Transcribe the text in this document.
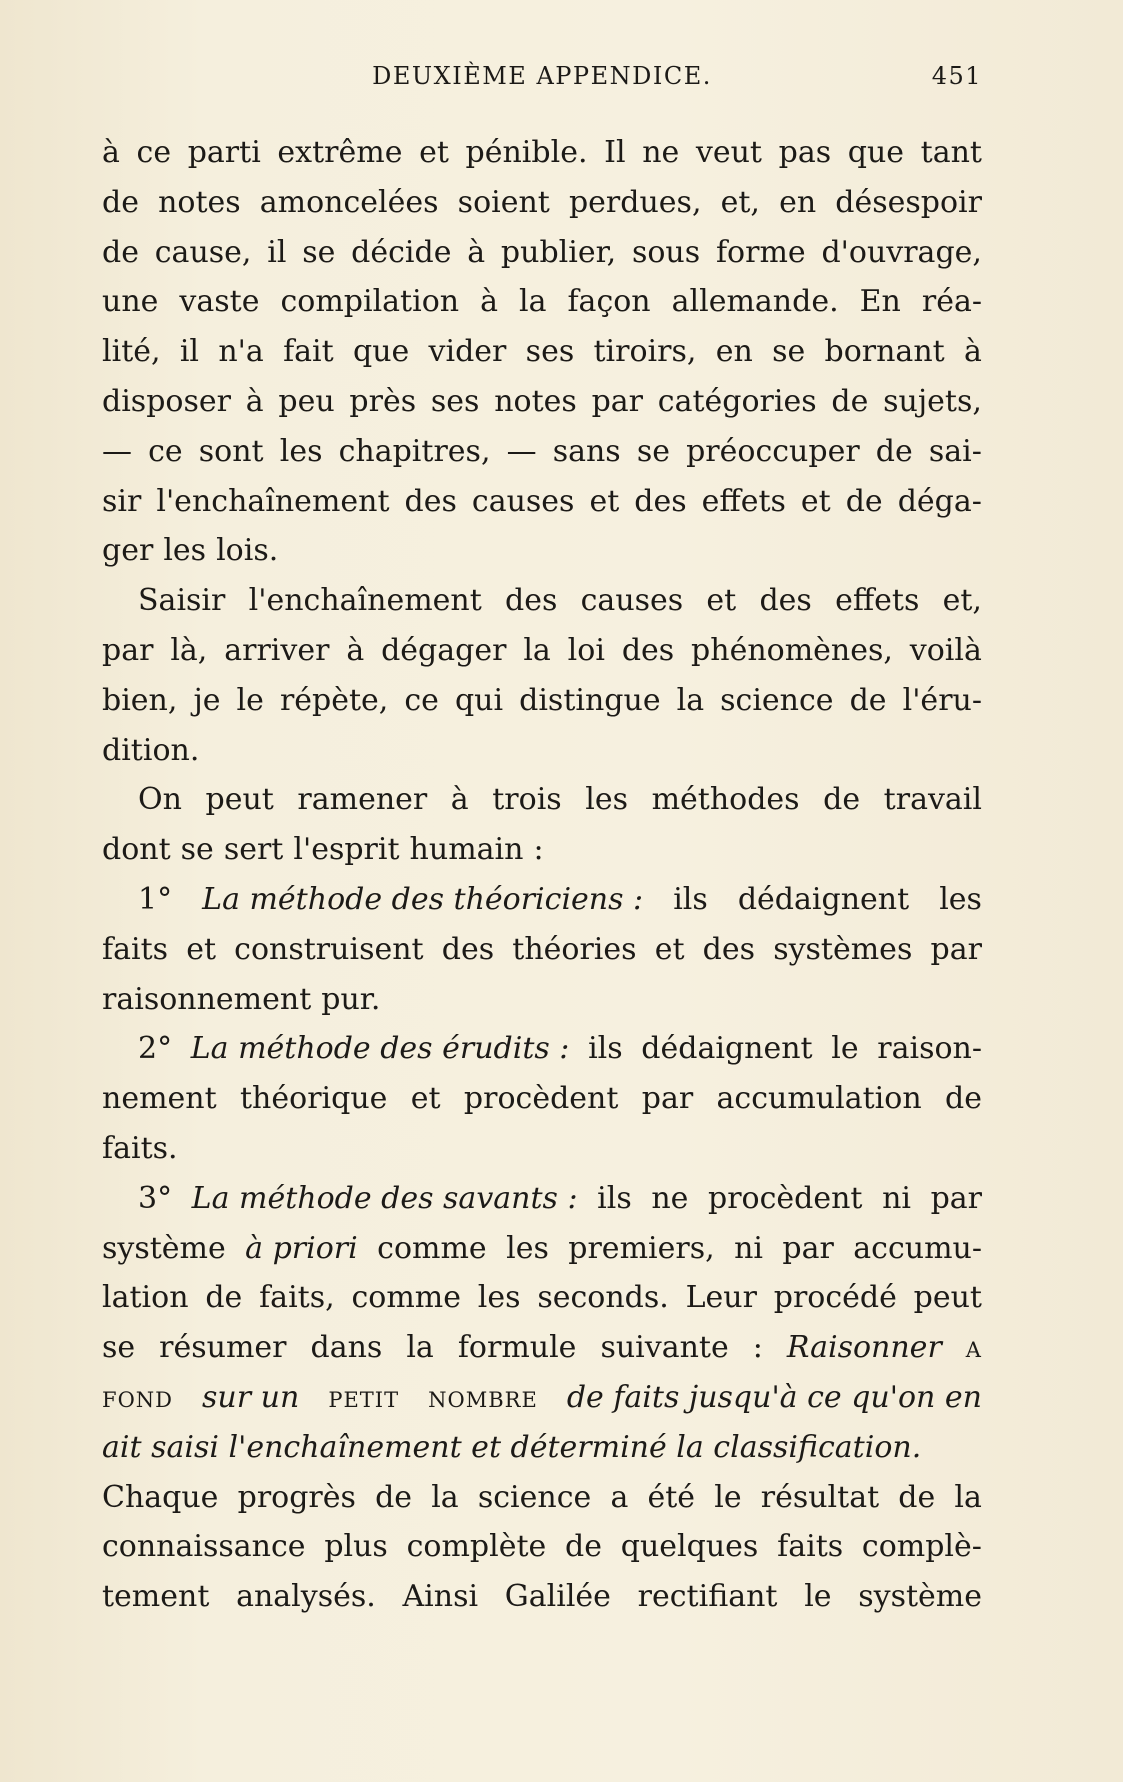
DEUXIÈME APPENDICE.	451
à ce parti extrême et pénible. Il ne veut pas que tant
de notes amoncelées soient perdues, et, en désespoir
de cause, il se décide à publier, sous forme d'ouvrage,
une vaste compilation à la façon allemande. En réa-
lité, il n'a fait que vider ses tiroirs, en se bornant à
disposer à peu près ses notes par catégories de sujets,
— ce sont les chapitres, — sans se préoccuper de sai-
sir l'enchaînement des causes et des effets et de déga-
ger les lois.
Saisir l'enchaînement des causes et des effets et,
par là, arriver à dégager la loi des phénomènes, voilà
bien, je le répète, ce qui distingue la science de l'éru-
dition.
On peut ramener à trois les méthodes de travail
dont se sert l'esprit humain :
1° La méthode des théoriciens : ils dédaignent les
faits et construisent des théories et des systèmes par
raisonnement pur.
2° La méthode des érudits : ils dédaignent le raison-
nement théorique et procèdent par accumulation de
faits.
3° La méthode des savants : ils ne procèdent ni par
système à priori comme les premiers, ni par accumu-
lation de faits, comme les seconds. Leur procédé peut
se résumer dans la formule suivante : Raisonner a
fond sur un petit nombre de faits jusqu'à ce qu'on en
ait saisi l'enchaînement et déterminé la classification.
Chaque progrès de la science a été le résultat de la
connaissance plus complète de quelques faits complè-
tement analysés. Ainsi Galilée rectifiant le système
